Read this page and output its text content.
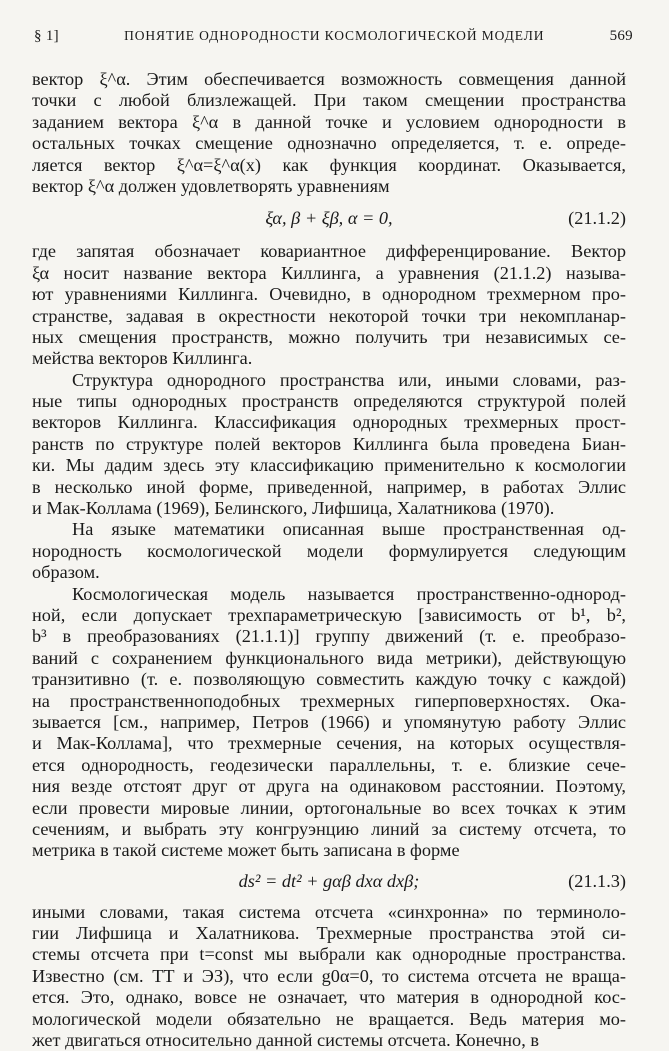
§ 1]	ПОНЯТИЕ ОДНОРОДНОСТИ КОСМОЛОГИЧЕСКОЙ МОДЕЛИ	569
вектор ξ^α. Этим обеспечивается возможность совмещения данной
точки с любой близлежащей. При таком смещении пространства
заданием вектора ξ^α в данной точке и условием однородности в
остальных точках смещение однозначно определяется, т. е. опреде-
ляется вектор ξ^α=ξ^α(x) как функция координат. Оказывается,
вектор ξ^α должен удовлетворять уравнениям
ξα, β + ξβ, α = 0,	(21.1.2)
где запятая обозначает ковариантное дифференцирование. Вектор
ξα носит название вектора Киллинга, а уравнения (21.1.2) называ-
ют уравнениями Киллинга. Очевидно, в однородном трехмерном про-
странстве, задавая в окрестности некоторой точки три некомпланар-
ных смещения пространств, можно получить три независимых се-
мейства векторов Киллинга.
Структура однородного пространства или, иными словами, раз-
ные типы однородных пространств определяются структурой полей
векторов Киллинга. Классификация однородных трехмерных прост-
ранств по структуре полей векторов Киллинга была проведена Биан-
ки. Мы дадим здесь эту классификацию применительно к космологии
в несколько иной форме, приведенной, например, в работах Эллис
и Мак-Коллама (1969), Белинского, Лифшица, Халатникова (1970).
На языке математики описанная выше пространственная од-
нородность космологической модели формулируется следующим
образом.
Космологическая модель называется пространственно-однород-
ной, если допускает трехпараметрическую [зависимость от b¹, b²,
b³ в преобразованиях (21.1.1)] группу движений (т. е. преобразо-
ваний с сохранением функционального вида метрики), действующую
транзитивно (т. е. позволяющую совместить каждую точку с каждой)
на пространственноподобных трехмерных гиперповерхностях. Ока-
зывается [см., например, Петров (1966) и упомянутую работу Эллис
и Мак-Коллама], что трехмерные сечения, на которых осуществля-
ется однородность, геодезически параллельны, т. е. близкие сече-
ния везде отстоят друг от друга на одинаковом расстоянии. Поэтому,
если провести мировые линии, ортогональные во всех точках к этим
сечениям, и выбрать эту конгруэнцию линий за систему отсчета, то
метрика в такой системе может быть записана в форме
ds² = dt² + gαβ dxα dxβ;	(21.1.3)
иными словами, такая система отсчета «синхронна» по терминоло-
гии Лифшица и Халатникова. Трехмерные пространства этой си-
стемы отсчета при t=const мы выбрали как однородные пространства.
Известно (см. ТТ и ЭЗ), что если g0α=0, то система отсчета не враща-
ется. Это, однако, вовсе не означает, что материя в однородной кос-
мологической модели обязательно не вращается. Ведь материя мо-
жет двигаться относительно данной системы отсчета. Конечно, в
